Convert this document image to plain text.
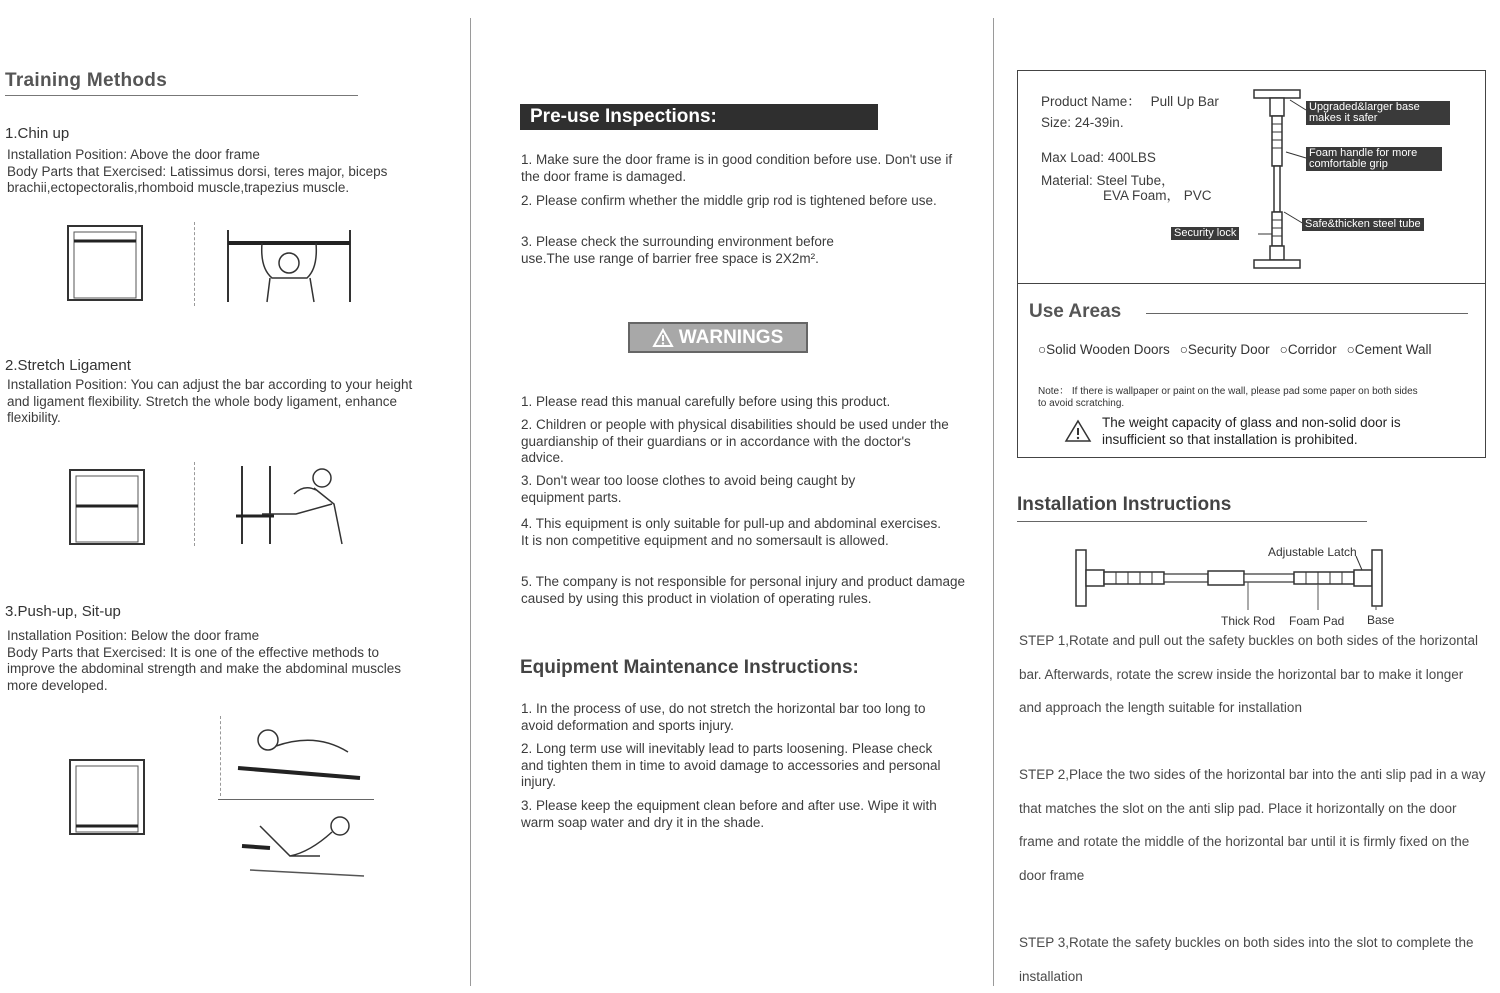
Training Methods
1.Chin up
Installation Position: Above the door frame
Body Parts that Exercised: Latissimus dorsi, teres major, biceps
brachii,ectopectoralis,rhomboid muscle,trapezius muscle.
2.Stretch Ligament
Installation Position: You can adjust the bar according to your height
and ligament flexibility. Stretch the whole body ligament, enhance
flexibility.
3.Push-up, Sit-up
Installation Position: Below the door frame
Body Parts that Exercised: It is one of the effective methods to
improve the abdominal strength and make the abdominal muscles
more developed.
Pre-use Inspections:
1. Make sure the door frame is in good condition before use. Don't use if the door frame is damaged.
2. Please confirm whether the middle grip rod is tightened before use.
3. Please check the surrounding environment before use.The use range of barrier free space is 2X2m².
WARNINGS
1. Please read this manual carefully before using this product.
2. Children or people with physical disabilities should be used under the guardianship of their guardians or in accordance with the doctor's advice.
3. Don't wear too loose clothes to avoid being caught by equipment parts.
4. This equipment is only suitable for pull-up and abdominal exercises. It is non competitive equipment and no somersault is allowed.
5. The company is not responsible for personal injury and product damage caused by using this product in violation of operating rules.
Equipment Maintenance Instructions:
1. In the process of use, do not stretch the horizontal bar too long to avoid deformation and sports injury.
2. Long term use will inevitably lead to parts loosening. Please check and tighten them in time to avoid damage to accessories and personal injury.
3. Please keep the equipment clean before and after use. Wipe it with warm soap water and dry it in the shade.
Product Name： Pull Up Bar
Size: 24-39in.
Max Load: 400LBS
Material: Steel Tube，
EVA Foam， PVC
Upgraded&larger base
makes it safer
Foam handle for more
comfortable grip
Safe&thicken steel tube
Security lock
Use Areas
○Solid Wooden Doors ○Security Door ○Corridor ○Cement Wall
Note： If there is wallpaper or paint on the wall, please pad some paper on both sides
to avoid scratching.
The weight capacity of glass and non-solid door is
insufficient so that installation is prohibited.
Installation Instructions
Adjustable Latch
Thick Rod Foam Pad Base
STEP 1,Rotate and pull out the safety buckles on both sides of the horizontal
bar. Afterwards, rotate the screw inside the horizontal bar to make it longer
and approach the length suitable for installation
STEP 2,Place the two sides of the horizontal bar into the anti slip pad in a way
that matches the slot on the anti slip pad. Place it horizontally on the door
frame and rotate the middle of the horizontal bar until it is firmly fixed on the
door frame
STEP 3,Rotate the safety buckles on both sides into the slot to complete the
installation
